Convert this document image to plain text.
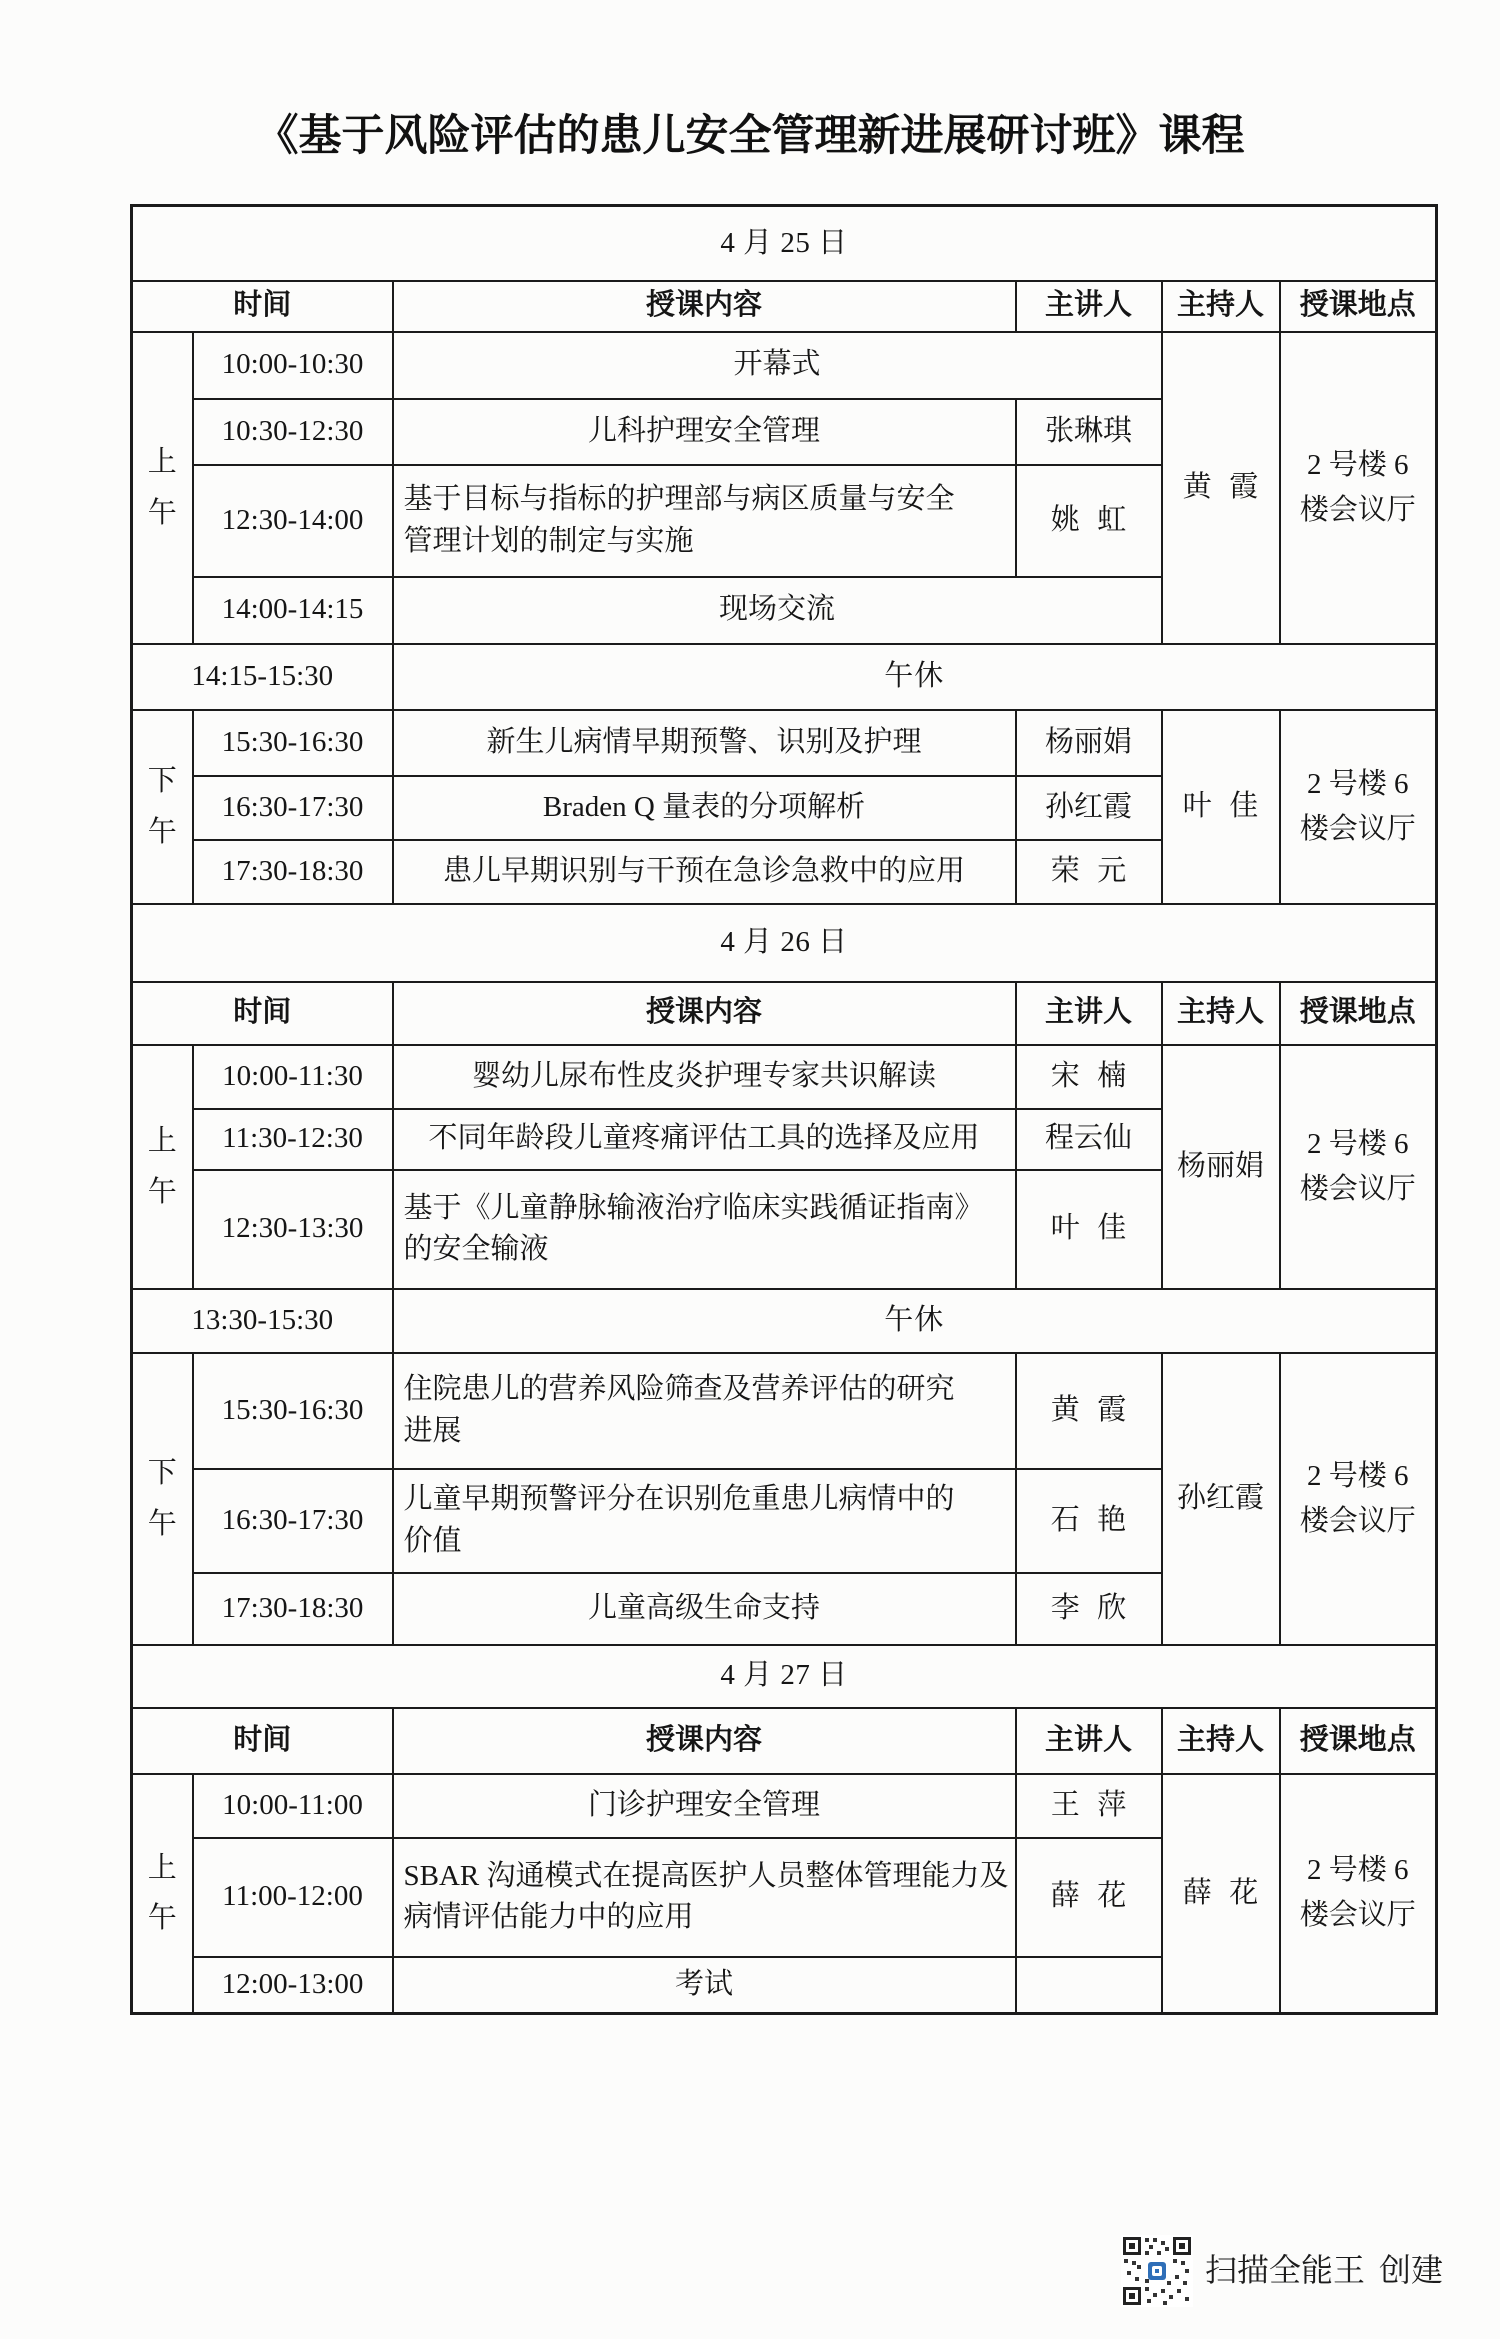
《基于风险评估的患儿安全管理新进展研讨班》课程
4 月 25 日					
时间		授课内容	主讲人	主持人	授课地点
上午	10:00-10:30	开幕式		黄 霞	2 号楼 6 楼会议厅
	10:30-12:30	儿科护理安全管理	张琳琪		
	12:30-14:00	基于目标与指标的护理部与病区质量与安全管理计划的制定与实施	姚 虹		
	14:00-14:15	现场交流			
14:15-15:30		午休			
下午	15:30-16:30	新生儿病情早期预警、识别及护理	杨丽娟	叶 佳	2 号楼 6 楼会议厅
	16:30-17:30	Braden Q 量表的分项解析	孙红霞		
	17:30-18:30	患儿早期识别与干预在急诊急救中的应用	荣 元		
4 月 26 日					
时间		授课内容	主讲人	主持人	授课地点
上午	10:00-11:30	婴幼儿尿布性皮炎护理专家共识解读	宋 楠	杨丽娟	2 号楼 6 楼会议厅
	11:30-12:30	不同年龄段儿童疼痛评估工具的选择及应用	程云仙		
	12:30-13:30	基于《儿童静脉输液治疗临床实践循证指南》的安全输液	叶 佳		
13:30-15:30		午休			
下午	15:30-16:30	住院患儿的营养风险筛查及营养评估的研究进展	黄 霞	孙红霞	2 号楼 6 楼会议厅
	16:30-17:30	儿童早期预警评分在识别危重患儿病情中的价值	石 艳		
	17:30-18:30	儿童高级生命支持	李 欣		
4 月 27 日					
时间		授课内容	主讲人	主持人	授课地点
上午	10:00-11:00	门诊护理安全管理	王 萍	薛 花	2 号楼 6 楼会议厅
	11:00-12:00	SBAR 沟通模式在提高医护人员整体管理能力及病情评估能力中的应用	薛 花		
	12:00-13:00	考试			
扫描全能王 创建
